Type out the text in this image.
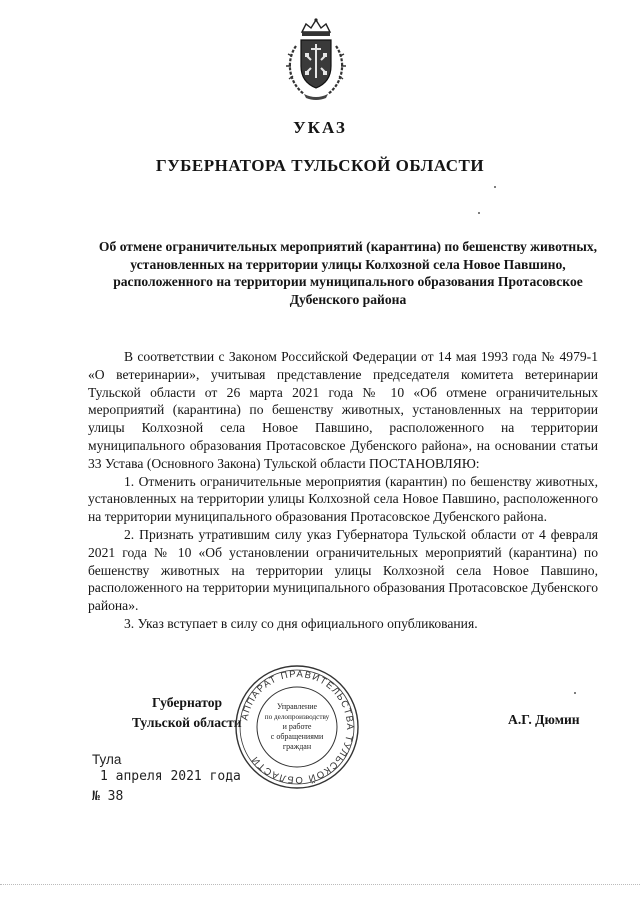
УКАЗ
ГУБЕРНАТОРА ТУЛЬСКОЙ ОБЛАСТИ
Об отмене ограничительных мероприятий (карантина) по бешенству животных, установленных на территории улицы Колхозной села Новое Павшино, расположенного на территории муниципального образования Протасовское Дубенского района

В соответствии с Законом Российской Федерации от 14 мая 1993 года № 4979-1 «О ветеринарии», учитывая представление председателя комитета ветеринарии Тульской области от 26 марта 2021 года № 10 «Об отмене ограничительных мероприятий (карантина) по бешенству животных, установленных на территории улицы Колхозной села Новое Павшино, расположенного на территории муниципального образования Протасовское Дубенского района», на основании статьи 33 Устава (Основного Закона) Тульской области ПОСТАНОВЛЯЮ:

1. Отменить ограничительные мероприятия (карантин) по бешенству животных, установленных на территории улицы Колхозной села Новое Павшино, расположенного на территории муниципального образования Протасовское Дубенского района.

2. Признать утратившим силу указ Губернатора Тульской области от 4 февраля 2021 года № 10 «Об установлении ограничительных мероприятий (карантина) по бешенству животных на территории улицы Колхозной села Новое Павшино, расположенного на территории муниципального образования Протасовское Дубенского района».

3. Указ вступает в силу со дня официального опубликования.

Губернатор
Тульской области	А.Г. Дюмин
АППАРАТ ПРАВИТЕЛЬСТВА ТУЛЬСКОЙ ОБЛАСТИ
Управление
по делопроизводству
и работе
с обращениями
граждан
Тула
1 апреля 2021 года
№ 38
